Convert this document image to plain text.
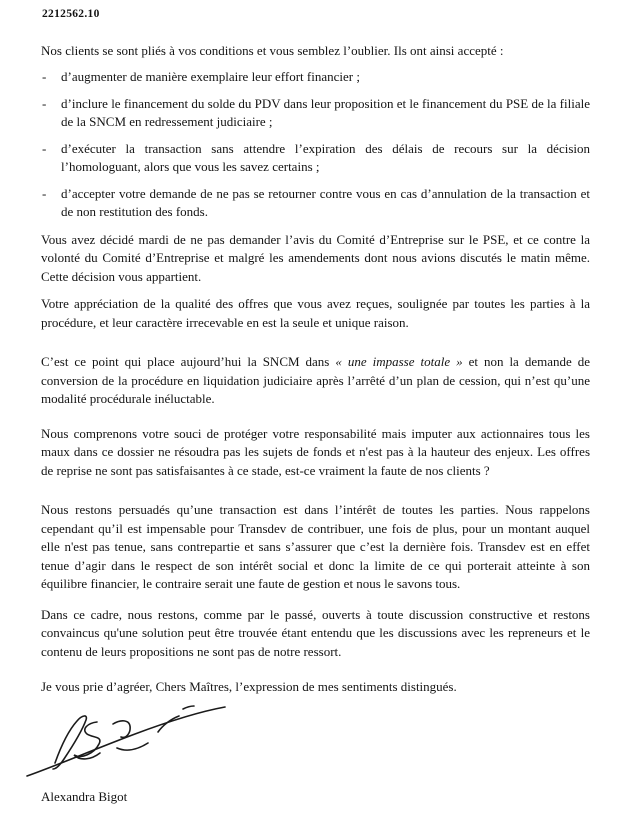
2212562.10

Nos clients se sont pliés à vos conditions et vous semblez l’oublier. Ils ont ainsi accepté :

- d’augmenter de manière exemplaire leur effort financier ;
- d’inclure le financement du solde du PDV dans leur proposition et le financement du PSE de la filiale de la SNCM en redressement judiciaire ;
- d’exécuter la transaction sans attendre l’expiration des délais de recours sur la décision l’homologuant, alors que vous les savez certains ;
- d’accepter votre demande de ne pas se retourner contre vous en cas d’annulation de la transaction et de non restitution des fonds.

Vous avez décidé mardi de ne pas demander l’avis du Comité d’Entreprise sur le PSE, et ce contre la volonté du Comité d’Entreprise et malgré les amendements dont nous avions discutés le matin même. Cette décision vous appartient.

Votre appréciation de la qualité des offres que vous avez reçues, soulignée par toutes les parties à la procédure, et leur caractère irrecevable en est la seule et unique raison.

C’est ce point qui place aujourd’hui la SNCM dans « une impasse totale » et non la demande de conversion de la procédure en liquidation judiciaire après l’arrêté d’un plan de cession, qui n’est qu’une modalité procédurale inéluctable.

Nous comprenons votre souci de protéger votre responsabilité mais imputer aux actionnaires tous les maux dans ce dossier ne résoudra pas les sujets de fonds et n'est pas à la hauteur des enjeux. Les offres de reprise ne sont pas satisfaisantes à ce stade, est-ce vraiment la faute de nos clients ?

Nous restons persuadés qu’une transaction est dans l’intérêt de toutes les parties. Nous rappelons cependant qu’il est impensable pour Transdev de contribuer, une fois de plus, pour un montant auquel elle n'est pas tenue, sans contrepartie et sans s’assurer que c’est la dernière fois. Transdev est en effet tenue d’agir dans le respect de son intérêt social et donc la limite de ce qui porterait atteinte à son équilibre financier, le contraire serait une faute de gestion et nous le savons tous.

Dans ce cadre, nous restons, comme par le passé, ouverts à toute discussion constructive et restons convaincus qu'une solution peut être trouvée étant entendu que les discussions avec les repreneurs et le contenu de leurs propositions ne sont pas de notre ressort.

Je vous prie d’agréer, Chers Maîtres, l’expression de mes sentiments distingués.

Alexandra Bigot
